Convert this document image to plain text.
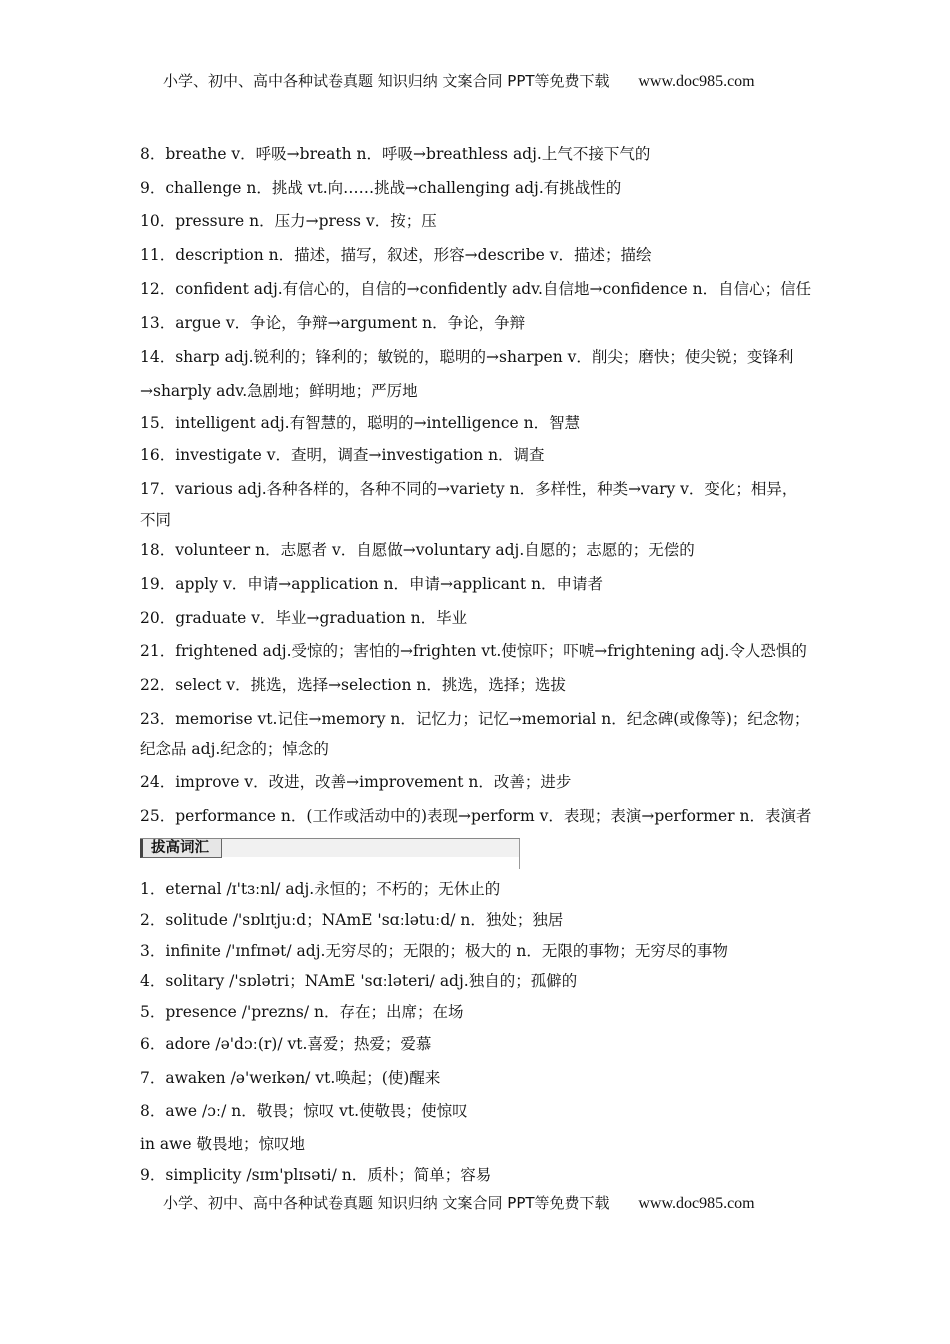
小学、初中、高中各种试卷真题 知识归纳 文案合同 PPT等免费下载 www.doc985.com
8．breathe v．呼吸→breath n．呼吸→breathless adj.上气不接下气的
9．challenge n．挑战 vt.向……挑战→challenging adj.有挑战性的
10．pressure n．压力→press v．按；压
11．description n．描述，描写，叙述，形容→describe v．描述；描绘
12．confident adj.有信心的，自信的→confidently adv.自信地→confidence n．自信心；信任
13．argue v．争论，争辩→argument n．争论，争辩
14．sharp adj.锐利的；锋利的；敏锐的，聪明的→sharpen v．削尖；磨快；使尖锐；变锋利
→sharply adv.急剧地；鲜明地；严厉地
15．intelligent adj.有智慧的，聪明的→intelligence n．智慧
16．investigate v．查明，调查→investigation n．调查
17．various adj.各种各样的，各种不同的→variety n．多样性，种类→vary v．变化；相异，
不同
18．volunteer n．志愿者 v．自愿做→voluntary adj.自愿的；志愿的；无偿的
19．apply v．申请→application n．申请→applicant n．申请者
20．graduate v．毕业→graduation n．毕业
21．frightened adj.受惊的；害怕的→frighten vt.使惊吓；吓唬→frightening adj.令人恐惧的
22．select v．挑选，选择→selection n．挑选，选择；选拔
23．memorise vt.记住→memory n．记忆力；记忆→memorial n．纪念碑(或像等)；纪念物；
纪念品 adj.纪念的；悼念的
24．improve v．改进，改善→improvement n．改善；进步
25．performance n．(工作或活动中的)表现→perform v．表现；表演→performer n．表演者
拔高词汇
1．eternal /ɪ'tɜːnl/ adj.永恒的；不朽的；无休止的
2．solitude /'sɒlɪtjuːd；NAmE 'sɑːlətuːd/ n．独处；独居
3．infinite /'ɪnfɪnət/ adj.无穷尽的；无限的；极大的 n．无限的事物；无穷尽的事物
4．solitary /'sɒlətri；NAmE 'sɑːləteri/ adj.独自的；孤僻的
5．presence /'prezns/ n．存在；出席；在场
6．adore /ə'dɔː(r)/ vt.喜爱；热爱；爱慕
7．awaken /ə'weɪkən/ vt.唤起；(使)醒来
8．awe /ɔː/ n．敬畏；惊叹 vt.使敬畏；使惊叹
in awe 敬畏地；惊叹地
9．simplicity /sɪm'plɪsəti/ n．质朴；简单；容易
小学、初中、高中各种试卷真题 知识归纳 文案合同 PPT等免费下载 www.doc985.com
